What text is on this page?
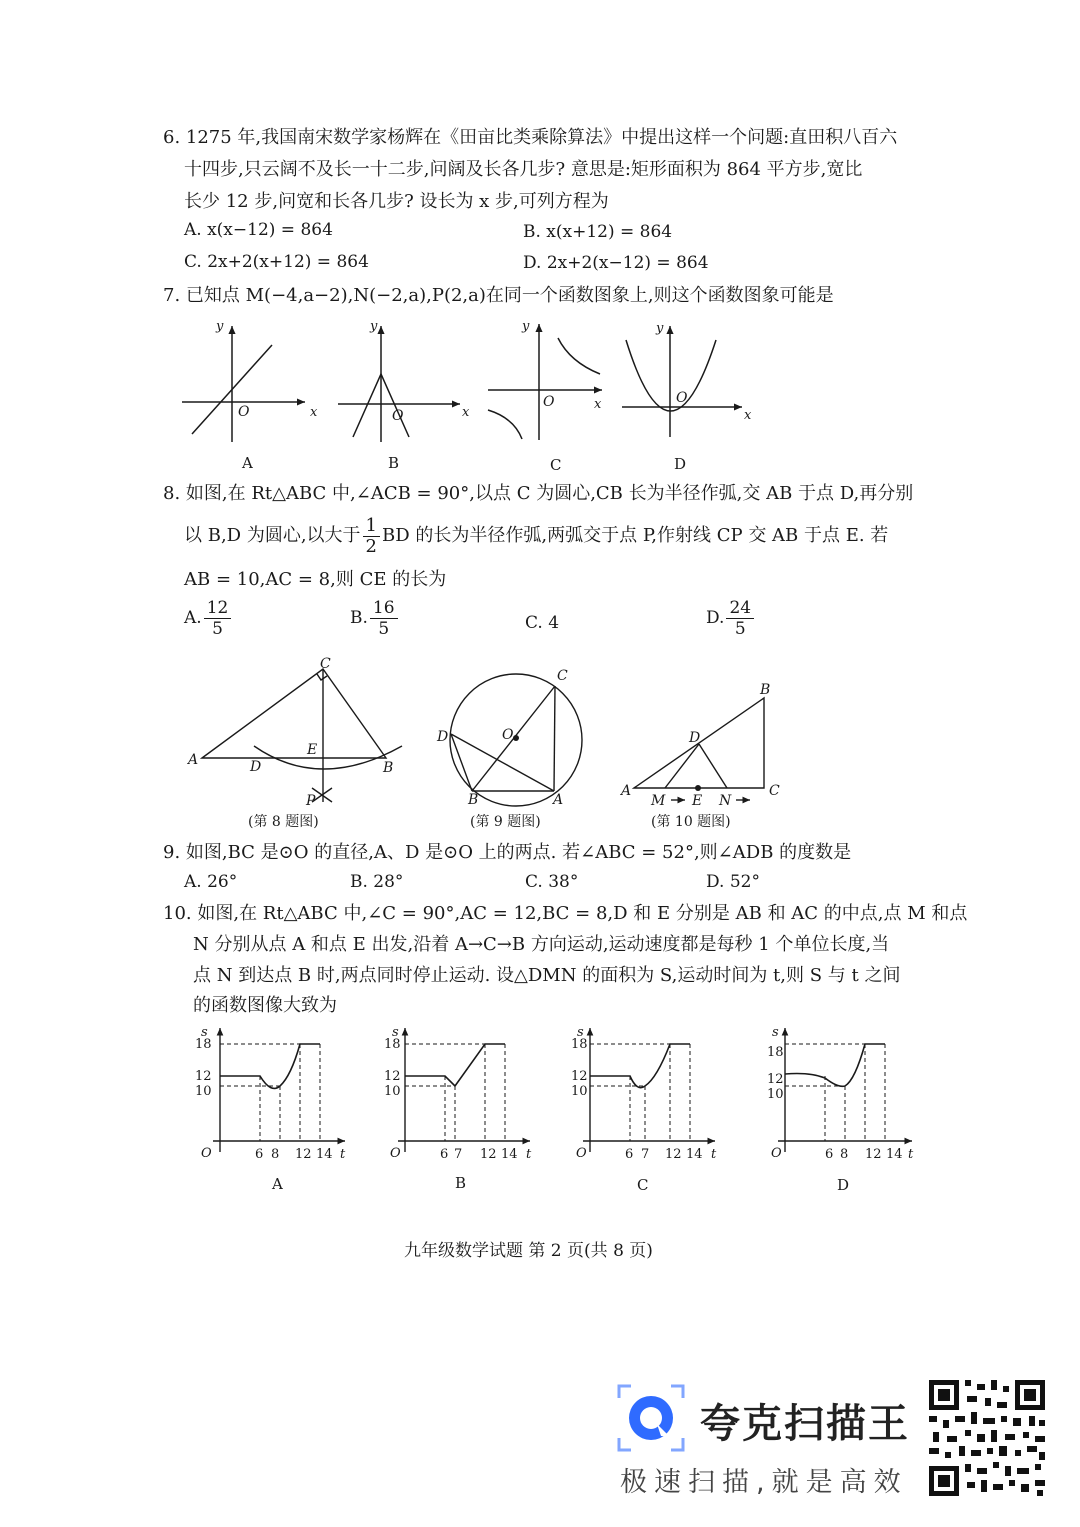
6. 1275 年,我国南宋数学家杨辉在《田亩比类乘除算法》中提出这样一个问题:直田积八百六
十四步,只云阔不及长一十二步,问阔及长各几步? 意思是:矩形面积为 864 平方步,宽比
长少 12 步,问宽和长各几步? 设长为 x 步,可列方程为
A. x(x−12) = 864	B. x(x+12) = 864
C. 2x+2(x+12) = 864	D. 2x+2(x−12) = 864
7. 已知点 M(−4,a−2),N(−2,a),P(2,a)在同一个函数图象上,则这个函数图象可能是
x
y
O
A
x
y
O
B
x
y
O
C
x
y
O
D
8. 如图,在 Rt△ABC 中,∠ACB = 90°,以点 C 为圆心,CB 长为半径作弧,交 AB 于点 D,再分别
以 B,D 为圆心,以大于 $\frac{1}{2}$ BD 的长为半径作弧,两弧交于点 P,作射线 CP 交 AB 于点 E. 若
AB = 10,AC = 8,则 CE 的长为
A. $\frac{12}{5}$	B. $\frac{16}{5}$	C. 4	D. $\frac{24}{5}$
C
A	D
E
B
P
(第 8 题图)
C
D	O
B	A
(第 9 题图)
B
D
A
M E N
C
(第 10 题图)
9. 如图,BC 是⊙O 的直径,A、D 是⊙O 上的两点. 若∠ABC = 52°,则∠ADB 的度数是
A. 26°	B. 28°	C. 38°	D. 52°
10. 如图,在 Rt△ABC 中,∠C = 90°,AC = 12,BC = 8,D 和 E 分别是 AB 和 AC 的中点,点 M 和点
N 分别从点 A 和点 E 出发,沿着 A→C→B 方向运动,运动速度都是每秒 1 个单位长度,当
点 N 到达点 B 时,两点同时停止运动. 设△DMN 的面积为 S,运动时间为 t,则 S 与 t 之间
的函数图像大致为
s
18
12
10
O	6 8 12 14 t
A
s
18
12
10
O	6 7 12 14 t
B
s
18
12
10
O	6 7 12 14 t
C
s
18
12
10
O	6 8 12 14 t
D
九年级数学试题 第 2 页(共 8 页)
夸克扫描王
极速扫描,就是高效
